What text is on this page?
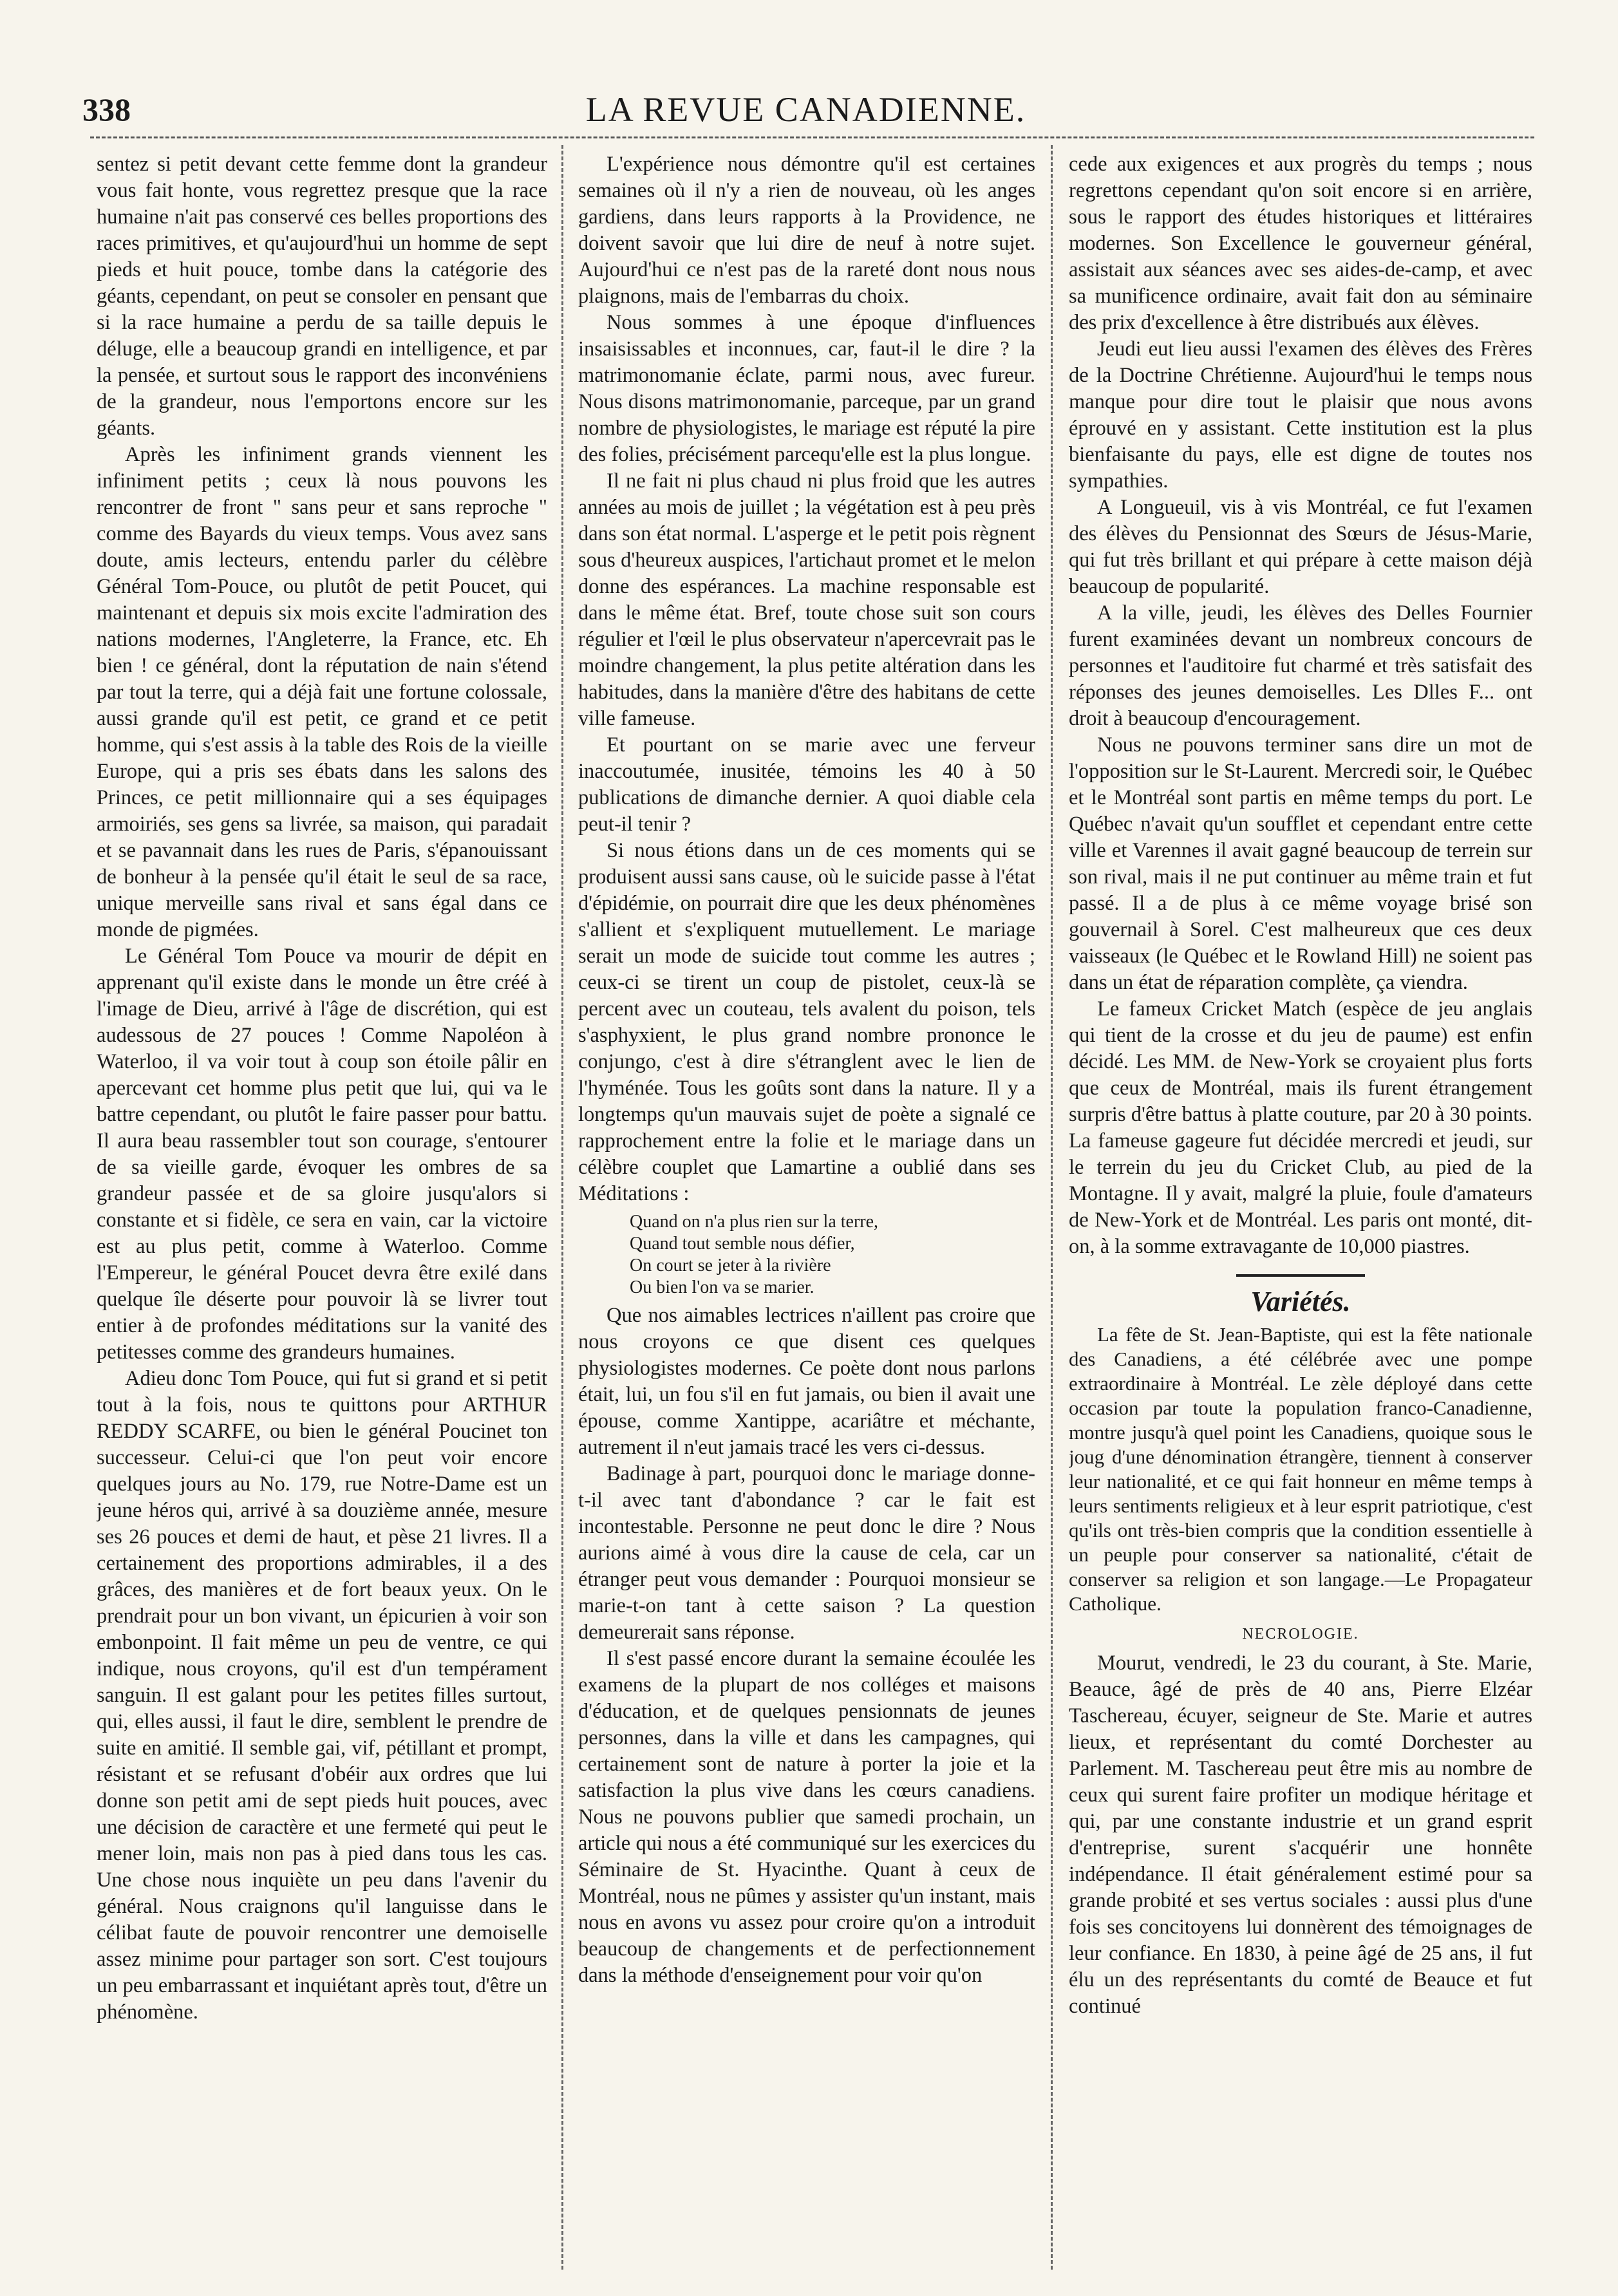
338	LA REVUE CANADIENNE.

sentez si petit devant cette femme dont la grandeur vous fait honte, vous regrettez presque que la race humaine n'ait pas conservé ces belles proportions des races primitives, et qu'aujourd'hui un homme de sept pieds et huit pouce, tombe dans la catégorie des géants, cependant, on peut se consoler en pensant que si la race humaine a perdu de sa taille depuis le déluge, elle a beaucoup grandi en intelligence, et par la pensée, et surtout sous le rapport des inconvéniens de la grandeur, nous l'emportons encore sur les géants.

Après les infiniment grands viennent les infiniment petits ; ceux là nous pouvons les rencontrer de front " sans peur et sans reproche " comme des Bayards du vieux temps. Vous avez sans doute, amis lecteurs, entendu parler du célèbre Général Tom-Pouce, ou plutôt de petit Poucet, qui maintenant et depuis six mois excite l'admiration des nations modernes, l'Angleterre, la France, etc. Eh bien ! ce général, dont la réputation de nain s'étend par tout la terre, qui a déjà fait une fortune colossale, aussi grande qu'il est petit, ce grand et ce petit homme, qui s'est assis à la table des Rois de la vieille Europe, qui a pris ses ébats dans les salons des Princes, ce petit millionnaire qui a ses équipages armoiriés, ses gens sa livrée, sa maison, qui paradait et se pavannait dans les rues de Paris, s'épanouissant de bonheur à la pensée qu'il était le seul de sa race, unique merveille sans rival et sans égal dans ce monde de pigmées.

Le Général Tom Pouce va mourir de dépit en apprenant qu'il existe dans le monde un être créé à l'image de Dieu, arrivé à l'âge de discrétion, qui est audessous de 27 pouces ! Comme Napoléon à Waterloo, il va voir tout à coup son étoile pâlir en apercevant cet homme plus petit que lui, qui va le battre cependant, ou plutôt le faire passer pour battu. Il aura beau rassembler tout son courage, s'entourer de sa vieille garde, évoquer les ombres de sa grandeur passée et de sa gloire jusqu'alors si constante et si fidèle, ce sera en vain, car la victoire est au plus petit, comme à Waterloo. Comme l'Empereur, le général Poucet devra être exilé dans quelque île déserte pour pouvoir là se livrer tout entier à de profondes méditations sur la vanité des petitesses comme des grandeurs humaines.

Adieu donc Tom Pouce, qui fut si grand et si petit tout à la fois, nous te quittons pour ARTHUR REDDY SCARFE, ou bien le général Poucinet ton successeur. Celui-ci que l'on peut voir encore quelques jours au No. 179, rue Notre-Dame est un jeune héros qui, arrivé à sa douzième année, mesure ses 26 pouces et demi de haut, et pèse 21 livres. Il a certainement des proportions admirables, il a des grâces, des manières et de fort beaux yeux. On le prendrait pour un bon vivant, un épicurien à voir son embonpoint. Il fait même un peu de ventre, ce qui indique, nous croyons, qu'il est d'un tempérament sanguin. Il est galant pour les petites filles surtout, qui, elles aussi, il faut le dire, semblent le prendre de suite en amitié. Il semble gai, vif, pétillant et prompt, résistant et se refusant d'obéir aux ordres que lui donne son petit ami de sept pieds huit pouces, avec une décision de caractère et une fermeté qui peut le mener loin, mais non pas à pied dans tous les cas. Une chose nous inquiète un peu dans l'avenir du général. Nous craignons qu'il languisse dans le célibat faute de pouvoir rencontrer une demoiselle assez minime pour partager son sort. C'est toujours un peu embarrassant et inquiétant après tout, d'être un phénomène.

L'expérience nous démontre qu'il est certaines semaines où il n'y a rien de nouveau, où les anges gardiens, dans leurs rapports à la Providence, ne doivent savoir que lui dire de neuf à notre sujet. Aujourd'hui ce n'est pas de la rareté dont nous nous plaignons, mais de l'embarras du choix.

Nous sommes à une époque d'influences insaisissables et inconnues, car, faut-il le dire ? la matrimonomanie éclate, parmi nous, avec fureur. Nous disons matrimonomanie, parceque, par un grand nombre de physiologistes, le mariage est réputé la pire des folies, précisément parcequ'elle est la plus longue.

Il ne fait ni plus chaud ni plus froid que les autres années au mois de juillet ; la végétation est à peu près dans son état normal. L'asperge et le petit pois règnent sous d'heureux auspices, l'artichaut promet et le melon donne des espérances. La machine responsable est dans le même état. Bref, toute chose suit son cours régulier et l'œil le plus observateur n'apercevrait pas le moindre changement, la plus petite altération dans les habitudes, dans la manière d'être des habitans de cette ville fameuse.

Et pourtant on se marie avec une ferveur inaccoutumée, inusitée, témoins les 40 à 50 publications de dimanche dernier. A quoi diable cela peut-il tenir ?

Si nous étions dans un de ces moments qui se produisent aussi sans cause, où le suicide passe à l'état d'épidémie, on pourrait dire que les deux phénomènes s'allient et s'expliquent mutuellement. Le mariage serait un mode de suicide tout comme les autres ; ceux-ci se tirent un coup de pistolet, ceux-là se percent avec un couteau, tels avalent du poison, tels s'asphyxient, le plus grand nombre prononce le conjungo, c'est à dire s'étranglent avec le lien de l'hyménée. Tous les goûts sont dans la nature. Il y a longtemps qu'un mauvais sujet de poète a signalé ce rapprochement entre la folie et le mariage dans un célèbre couplet que Lamartine a oublié dans ses Méditations :

Quand on n'a plus rien sur la terre,
Quand tout semble nous défier,
On court se jeter à la rivière
Ou bien l'on va se marier.

Que nos aimables lectrices n'aillent pas croire que nous croyons ce que disent ces quelques physiologistes modernes. Ce poète dont nous parlons était, lui, un fou s'il en fut jamais, ou bien il avait une épouse, comme Xantippe, acariâtre et méchante, autrement il n'eut jamais tracé les vers ci-dessus.

Badinage à part, pourquoi donc le mariage donne-t-il avec tant d'abondance ? car le fait est incontestable. Personne ne peut donc le dire ? Nous aurions aimé à vous dire la cause de cela, car un étranger peut vous demander : Pourquoi monsieur se marie-t-on tant à cette saison ? La question demeurerait sans réponse.

Il s'est passé encore durant la semaine écoulée les examens de la plupart de nos colléges et maisons d'éducation, et de quelques pensionnats de jeunes personnes, dans la ville et dans les campagnes, qui certainement sont de nature à porter la joie et la satisfaction la plus vive dans les cœurs canadiens. Nous ne pouvons publier que samedi prochain, un article qui nous a été communiqué sur les exercices du Séminaire de St. Hyacinthe. Quant à ceux de Montréal, nous ne pûmes y assister qu'un instant, mais nous en avons vu assez pour croire qu'on a introduit beaucoup de changements et de perfectionnement dans la méthode d'enseignement pour voir qu'on

cede aux exigences et aux progrès du temps ; nous regrettons cependant qu'on soit encore si en arrière, sous le rapport des études historiques et littéraires modernes. Son Excellence le gouverneur général, assistait aux séances avec ses aides-de-camp, et avec sa munificence ordinaire, avait fait don au séminaire des prix d'excellence à être distribués aux élèves.

Jeudi eut lieu aussi l'examen des élèves des Frères de la Doctrine Chrétienne. Aujourd'hui le temps nous manque pour dire tout le plaisir que nous avons éprouvé en y assistant. Cette institution est la plus bienfaisante du pays, elle est digne de toutes nos sympathies.

A Longueuil, vis à vis Montréal, ce fut l'examen des élèves du Pensionnat des Sœurs de Jésus-Marie, qui fut très brillant et qui prépare à cette maison déjà beaucoup de popularité.

A la ville, jeudi, les élèves des Delles Fournier furent examinées devant un nombreux concours de personnes et l'auditoire fut charmé et très satisfait des réponses des jeunes demoiselles. Les Dlles F... ont droit à beaucoup d'encouragement.

Nous ne pouvons terminer sans dire un mot de l'opposition sur le St-Laurent. Mercredi soir, le Québec et le Montréal sont partis en même temps du port. Le Québec n'avait qu'un soufflet et cependant entre cette ville et Varennes il avait gagné beaucoup de terrein sur son rival, mais il ne put continuer au même train et fut passé. Il a de plus à ce même voyage brisé son gouvernail à Sorel. C'est malheureux que ces deux vaisseaux (le Québec et le Rowland Hill) ne soient pas dans un état de réparation complète, ça viendra.

Le fameux Cricket Match (espèce de jeu anglais qui tient de la crosse et du jeu de paume) est enfin décidé. Les MM. de New-York se croyaient plus forts que ceux de Montréal, mais ils furent étrangement surpris d'être battus à platte couture, par 20 à 30 points. La fameuse gageure fut décidée mercredi et jeudi, sur le terrein du jeu du Cricket Club, au pied de la Montagne. Il y avait, malgré la pluie, foule d'amateurs de New-York et de Montréal. Les paris ont monté, dit-on, à la somme extravagante de 10,000 piastres.

Variétés.

La fête de St. Jean-Baptiste, qui est la fête nationale des Canadiens, a été célébrée avec une pompe extraordinaire à Montréal. Le zèle déployé dans cette occasion par toute la population franco-Canadienne, montre jusqu'à quel point les Canadiens, quoique sous le joug d'une dénomination étrangère, tiennent à conserver leur nationalité, et ce qui fait honneur en même temps à leurs sentiments religieux et à leur esprit patriotique, c'est qu'ils ont très-bien compris que la condition essentielle à un peuple pour conserver sa nationalité, c'était de conserver sa religion et son langage.—Le Propagateur Catholique.

NECROLOGIE.

Mourut, vendredi, le 23 du courant, à Ste. Marie, Beauce, âgé de près de 40 ans, Pierre Elzéar Taschereau, écuyer, seigneur de Ste. Marie et autres lieux, et représentant du comté Dorchester au Parlement. M. Taschereau peut être mis au nombre de ceux qui surent faire profiter un modique héritage et qui, par une constante industrie et un grand esprit d'entreprise, surent s'acquérir une honnête indépendance. Il était généralement estimé pour sa grande probité et ses vertus sociales : aussi plus d'une fois ses concitoyens lui donnèrent des témoignages de leur confiance. En 1830, à peine âgé de 25 ans, il fut élu un des représentants du comté de Beauce et fut continué
